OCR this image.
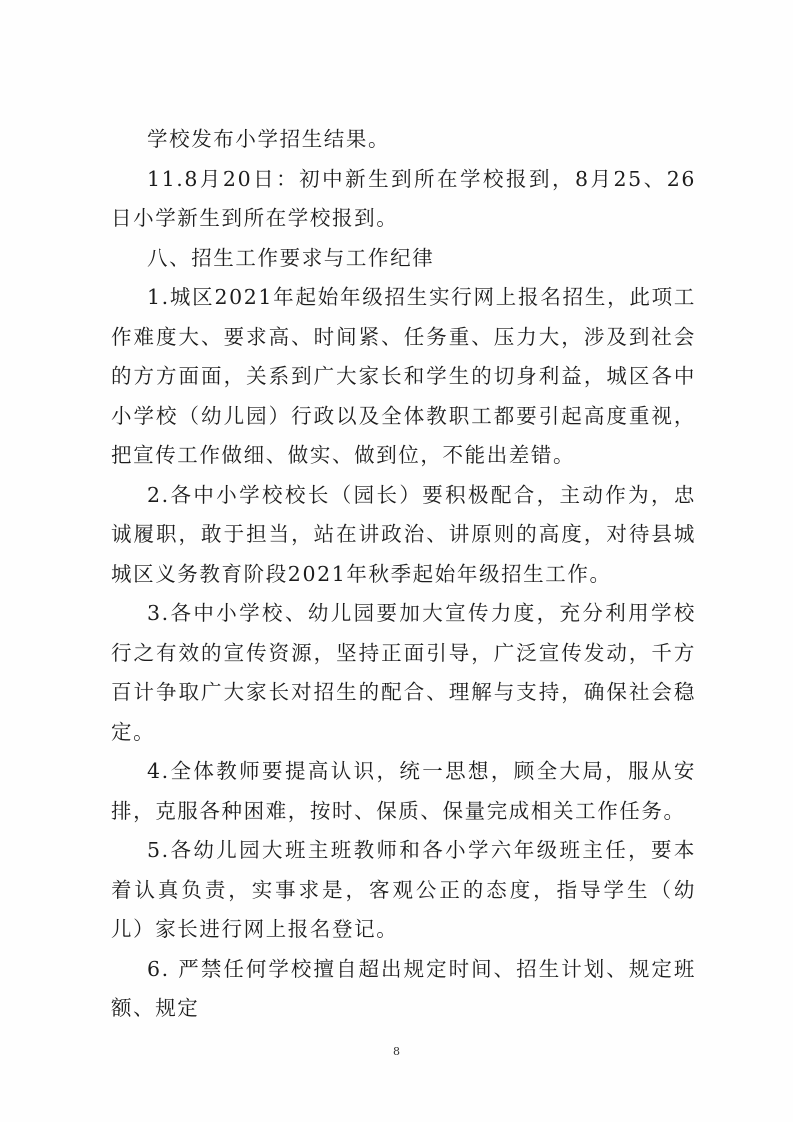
学校发布小学招生结果。

11.8月20日：初中新生到所在学校报到，8月25、26日小学新生到所在学校报到。

八、招生工作要求与工作纪律

1.城区2021年起始年级招生实行网上报名招生，此项工作难度大、要求高、时间紧、任务重、压力大，涉及到社会的方方面面，关系到广大家长和学生的切身利益，城区各中小学校（幼儿园）行政以及全体教职工都要引起高度重视，把宣传工作做细、做实、做到位，不能出差错。

2.各中小学校校长（园长）要积极配合，主动作为，忠诚履职，敢于担当，站在讲政治、讲原则的高度，对待县城城区义务教育阶段2021年秋季起始年级招生工作。

3.各中小学校、幼儿园要加大宣传力度，充分利用学校行之有效的宣传资源，坚持正面引导，广泛宣传发动，千方百计争取广大家长对招生的配合、理解与支持，确保社会稳定。

4.全体教师要提高认识，统一思想，顾全大局，服从安排，克服各种困难，按时、保质、保量完成相关工作任务。

5.各幼儿园大班主班教师和各小学六年级班主任，要本着认真负责，实事求是，客观公正的态度，指导学生（幼儿）家长进行网上报名登记。

6. 严禁任何学校擅自超出规定时间、招生计划、规定班额、规定

8
